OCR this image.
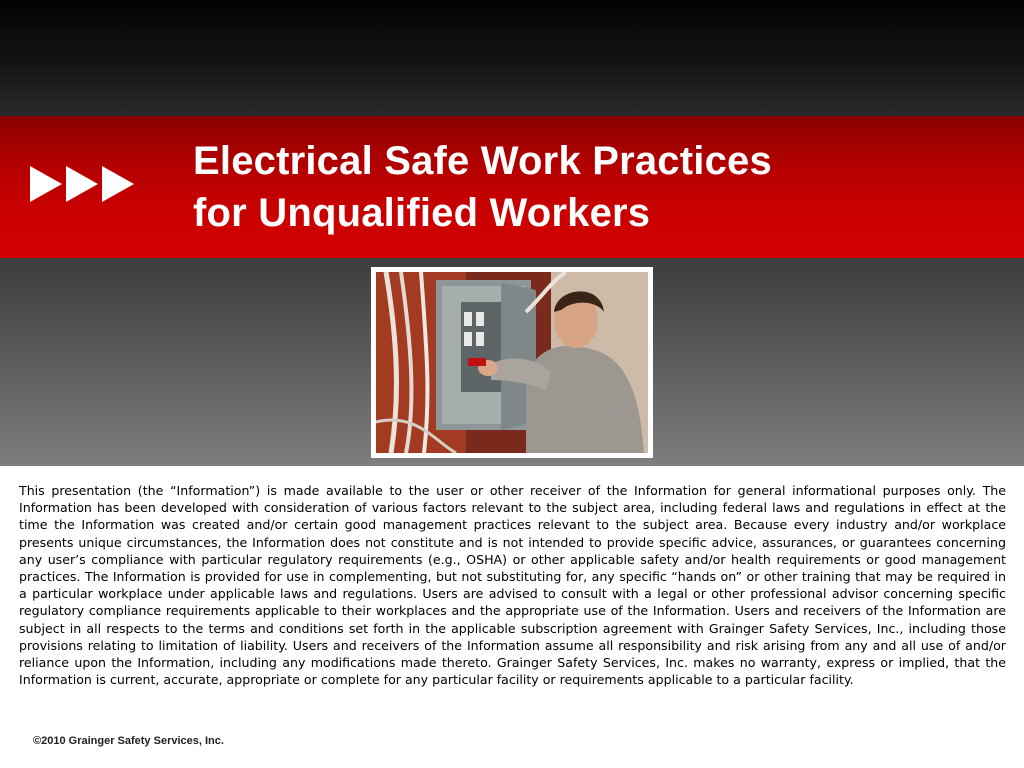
Electrical Safe Work Practices
for Unqualified Workers
This presentation (the “Information”) is made available to the user or other receiver of the Information for general informational purposes only. The Information has been developed with consideration of various factors relevant to the subject area, including federal laws and regulations in effect at the time the Information was created and/or certain good management practices relevant to the subject area. Because every industry and/or workplace presents unique circumstances, the Information does not constitute and is not intended to provide specific advice, assurances, or guarantees concerning any user’s compliance with particular regulatory requirements (e.g., OSHA) or other applicable safety and/or health requirements or good management practices. The Information is provided for use in complementing, but not substituting for, any specific “hands on” or other training that may be required in a particular workplace under applicable laws and regulations. Users are advised to consult with a legal or other professional advisor concerning specific regulatory compliance requirements applicable to their workplaces and the appropriate use of the Information. Users and receivers of the Information are subject in all respects to the terms and conditions set forth in the applicable subscription agreement with Grainger Safety Services, Inc., including those provisions relating to limitation of liability. Users and receivers of the Information assume all responsibility and risk arising from any and all use of and/or reliance upon the Information, including any modifications made thereto. Grainger Safety Services, Inc. makes no warranty, express or implied, that the Information is current, accurate, appropriate or complete for any particular facility or requirements applicable to a particular facility.
©2010 Grainger Safety Services, Inc.
